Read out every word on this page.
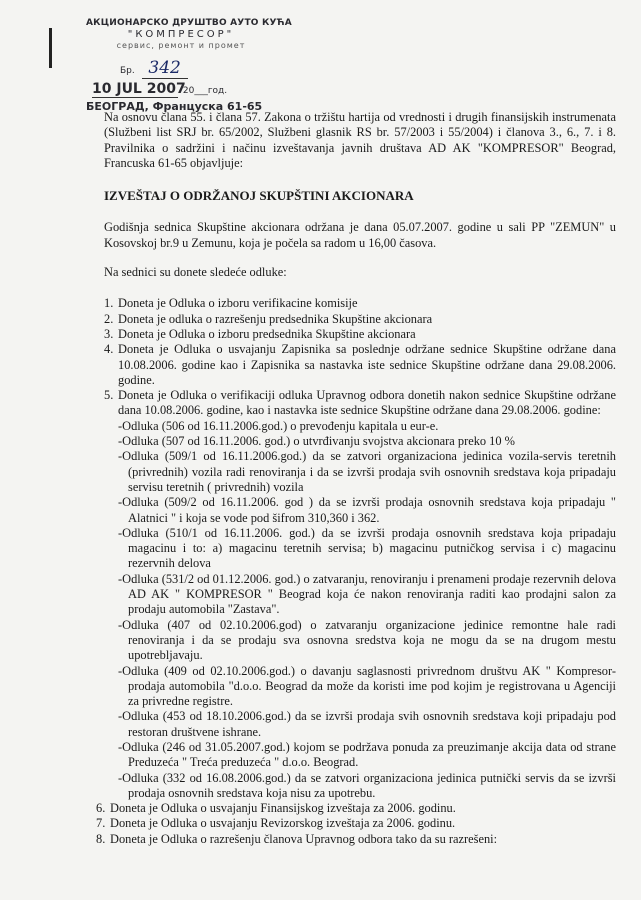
АКЦИОНАРСКО ДРУШТВО АУТО КУЋА
"КОМПРЕСОР"
сервис, ремонт и промет
Бр. 342
10 JUL 2007 20___год.
БЕОГРАД, Француска 61-65

Na osnovu člana 55. i člana 57. Zakona o tržištu hartija od vrednosti i drugih finansijskih instrumenata (Službeni list SRJ br. 65/2002, Službeni glasnik RS br. 57/2003 i 55/2004) i članova 3., 6., 7. i 8. Pravilnika o sadržini i načinu izveštavanja javnih društava AD AK "KOMPRESOR" Beograd, Francuska 61-65 objavljuje:

IZVEŠTAJ O ODRŽANOJ SKUPŠTINI AKCIONARA

Godišnja sednica Skupštine akcionara održana je dana 05.07.2007. godine u sali PP "ZEMUN" u Kosovskoj br.9 u Zemunu, koja je počela sa radom u 16,00 časova.

Na sednici su donete sledeće odluke:

1. Doneta je Odluka o izboru verifikacine komisije
2. Doneta je odluka o razrešenju predsednika Skupštine akcionara
3. Doneta je Odluka o izboru predsednika Skupštine akcionara
4. Doneta je Odluka o usvajanju Zapisnika sa poslednje održane sednice Skupštine održane dana 10.08.2006. godine kao i Zapisnika sa nastavka iste sednice Skupštine održane dana 29.08.2006. godine.
5. Doneta je Odluka o verifikaciji odluka Upravnog odbora donetih nakon sednice Skupštine održane dana 10.08.2006. godine, kao i nastavka iste sednice Skupštine održane dana 29.08.2006. godine:
-Odluka (506 od 16.11.2006.god.) o prevođenju kapitala u eur-e.
-Odluka (507 od 16.11.2006. god.) o utvrđivanju svojstva akcionara preko 10 %
-Odluka (509/1 od 16.11.2006.god.) da se zatvori organizaciona jedinica vozila-servis teretnih (privrednih) vozila radi renoviranja i da se izvrši prodaja svih osnovnih sredstava koja pripadaju servisu teretnih ( privrednih) vozila
-Odluka (509/2 od 16.11.2006. god ) da se izvrši prodaja osnovnih sredstava koja pripadaju " Alatnici " i koja se vode pod šifrom 310,360 i 362.
-Odluka (510/1 od 16.11.2006. god.) da se izvrši prodaja osnovnih sredstava koja pripadaju magacinu i to: a) magacinu teretnih servisa; b) magacinu putničkog servisa i c) magacinu rezervnih delova
-Odluka (531/2 od 01.12.2006. god.) o zatvaranju, renoviranju i prenameni prodaje rezervnih delova AD AK " KOMPRESOR " Beograd koja će nakon renoviranja raditi kao prodajni salon za prodaju automobila "Zastava".
-Odluka (407 od 02.10.2006.god) o zatvaranju organizacione jedinice remontne hale radi renoviranja i da se prodaju sva osnovna sredstva koja ne mogu da se na drugom mestu upotrebljavaju.
-Odluka (409 od 02.10.2006.god.) o davanju saglasnosti privrednom društvu AK " Kompresor-prodaja automobila "d.o.o. Beograd da može da koristi ime pod kojim je registrovana u Agenciji za privredne registre.
-Odluka (453 od 18.10.2006.god.) da se izvrši prodaja svih osnovnih sredstava koji pripadaju pod restoran društvene ishrane.
-Odluka (246 od 31.05.2007.god.) kojom se podržava ponuda za preuzimanje akcija data od strane Preduzeća " Treća preduzeća " d.o.o. Beograd.
-Odluka (332 od 16.08.2006.god.) da se zatvori organizaciona jedinica putnički servis da se izvrši prodaja osnovnih sredstava koja nisu za upotrebu.
6. Doneta je Odluka o usvajanju Finansijskog izveštaja za 2006. godinu.
7. Doneta je Odluka o usvajanju Revizorskog izveštaja za 2006. godinu.
8. Doneta je Odluka o razrešenju članova Upravnog odbora tako da su razrešeni:
